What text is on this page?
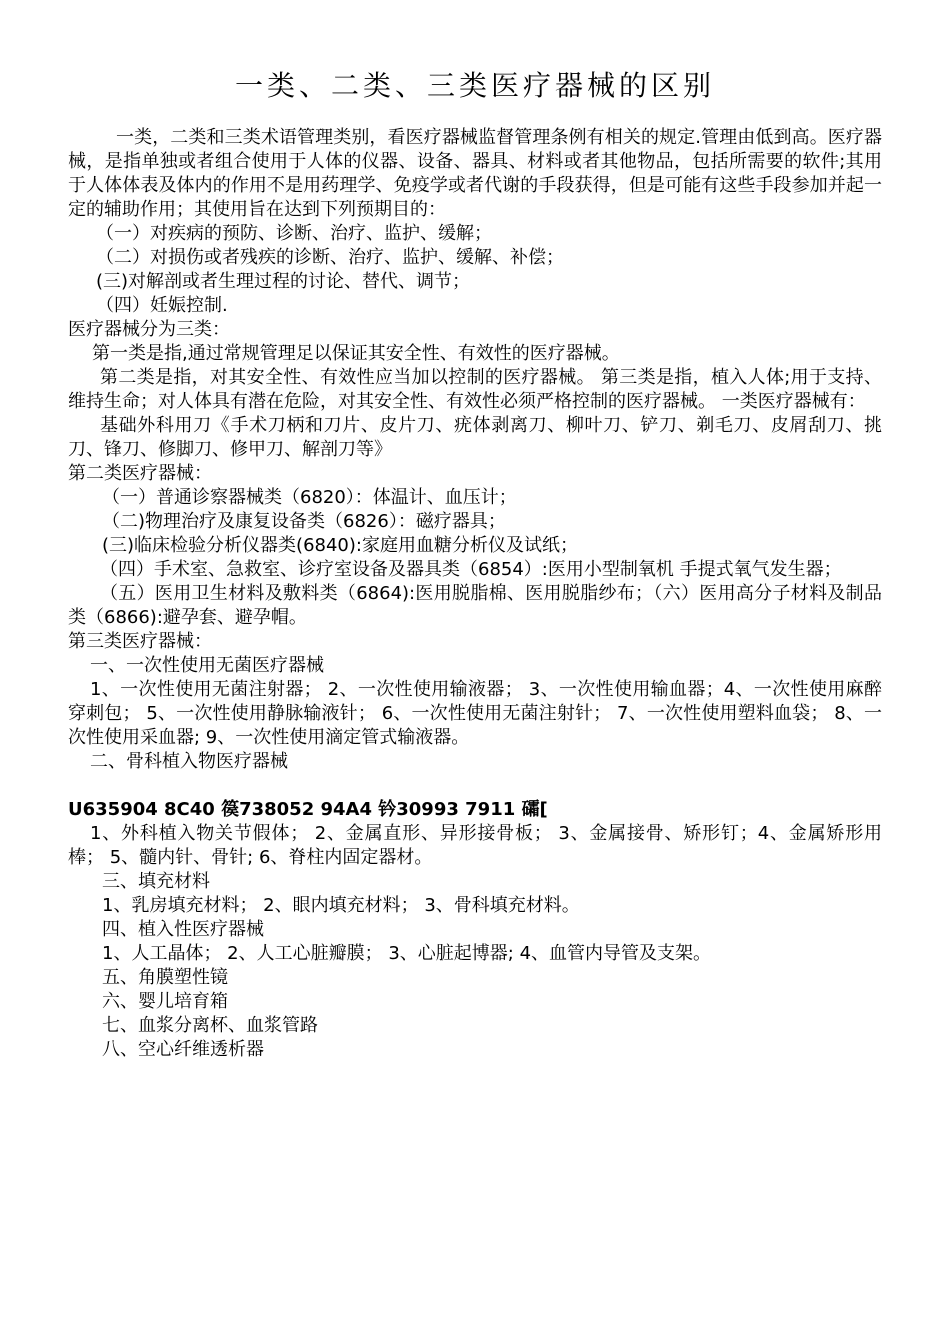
一类、二类、三类医疗器械的区别

一类，二类和三类术语管理类别，看医疗器械监督管理条例有相关的规定.管理由低到高。医疗器械，是指单独或者组合使用于人体的仪器、设备、器具、材料或者其他物品，包括所需要的软件;其用于人体体表及体内的作用不是用药理学、免疫学或者代谢的手段获得，但是可能有这些手段参加并起一定的辅助作用；其使用旨在达到下列预期目的：

（一）对疾病的预防、诊断、治疗、监护、缓解；

（二）对损伤或者残疾的诊断、治疗、监护、缓解、补偿；

(三)对解剖或者生理过程的讨论、替代、调节；

（四）妊娠控制.

医疗器械分为三类：

第一类是指,通过常规管理足以保证其安全性、有效性的医疗器械。

第二类是指，对其安全性、有效性应当加以控制的医疗器械。 第三类是指，植入人体;用于支持、维持生命；对人体具有潜在危险，对其安全性、有效性必须严格控制的医疗器械。 一类医疗器械有：

基础外科用刀《手术刀柄和刀片、皮片刀、疣体剥离刀、柳叶刀、铲刀、剃毛刀、皮屑刮刀、挑刀、锋刀、修脚刀、修甲刀、解剖刀等》

第二类医疗器械：

（一）普通诊察器械类（6820）：体温计、血压计；

（二)物理治疗及康复设备类（6826）：磁疗器具；

(三)临床检验分析仪器类(6840):家庭用血糖分析仪及试纸；

（四）手术室、急救室、诊疗室设备及器具类（6854）:医用小型制氧机 手提式氧气发生器；

（五）医用卫生材料及敷料类（6864):医用脱脂棉、医用脱脂纱布；（六）医用高分子材料及制品类（6866):避孕套、避孕帽。

第三类医疗器械：

一、一次性使用无菌医疗器械

1、一次性使用无菌注射器； 2、一次性使用输液器； 3、一次性使用输血器；4、一次性使用麻醉穿刺包； 5、一次性使用静脉输液针； 6、一次性使用无菌注射针； 7、一次性使用塑料血袋； 8、一次性使用采血器; 9、一次性使用滴定管式输液器。

二、骨科植入物医疗器械

U635904 8C40 篌738052 94A4 钤30993 7911 礵[

1、外科植入物关节假体； 2、金属直形、异形接骨板； 3、金属接骨、矫形钉；4、金属矫形用棒； 5、髓内针、骨针; 6、脊柱内固定器材。

三、填充材料

1、乳房填充材料； 2、眼内填充材料； 3、骨科填充材料。

四、植入性医疗器械

1、人工晶体； 2、人工心脏瓣膜； 3、心脏起博器; 4、血管内导管及支架。

五、角膜塑性镜

六、婴儿培育箱

七、血浆分离杯、血浆管路

八、空心纤维透析器
